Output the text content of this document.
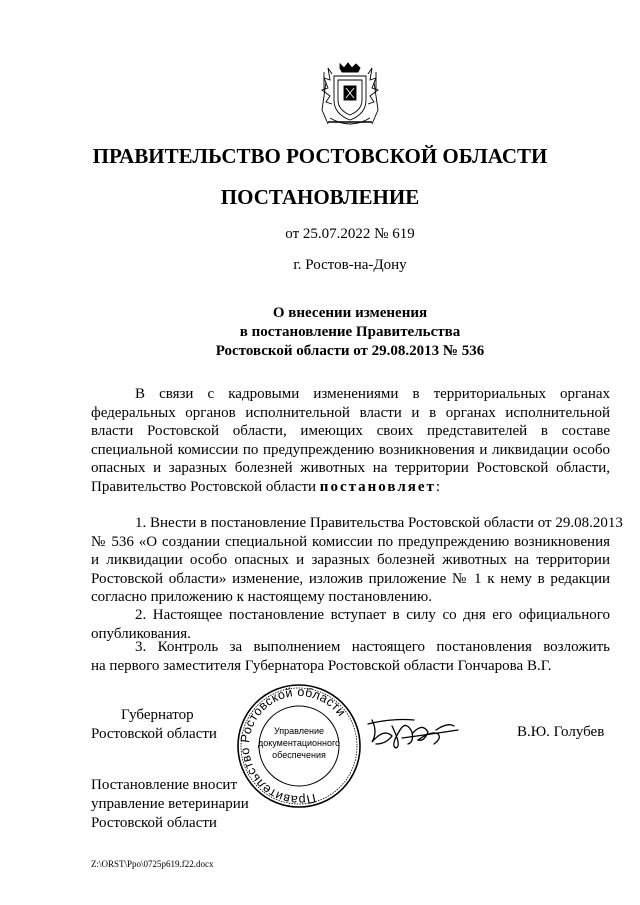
ПРАВИТЕЛЬСТВО РОСТОВСКОЙ ОБЛАСТИ
ПОСТАНОВЛЕНИЕ
от 25.07.2022 № 619
г. Ростов-на-Дону
О внесении изменения
в постановление Правительства
Ростовской области от 29.08.2013 № 536
В связи с кадровыми изменениями в территориальных органах
федеральных органов исполнительной власти и в органах исполнительной
власти Ростовской области, имеющих своих представителей в составе
специальной комиссии по предупреждению возникновения и ликвидации особо
опасных и заразных болезней животных на территории Ростовской области,
Правительство Ростовской области постановляет:
1. Внести в постановление Правительства Ростовской области от 29.08.2013
№ 536 «О создании специальной комиссии по предупреждению возникновения
и ликвидации особо опасных и заразных болезней животных на территории
Ростовской области» изменение, изложив приложение № 1 к нему в редакции
согласно приложению к настоящему постановлению.
2. Настоящее постановление вступает в силу со дня его официального
опубликования.
3. Контроль за выполнением настоящего постановления возложить
на первого заместителя Губернатора Ростовской области Гончарова В.Г.
Губернатор
Ростовской области
Правительство Ростовской области
Управление
документационного
обеспечения
В.Ю. Голубев
Постановление вносит
управление ветеринарии
Ростовской области
Z:\ORST\Ppo\0725p619.f22.docx
